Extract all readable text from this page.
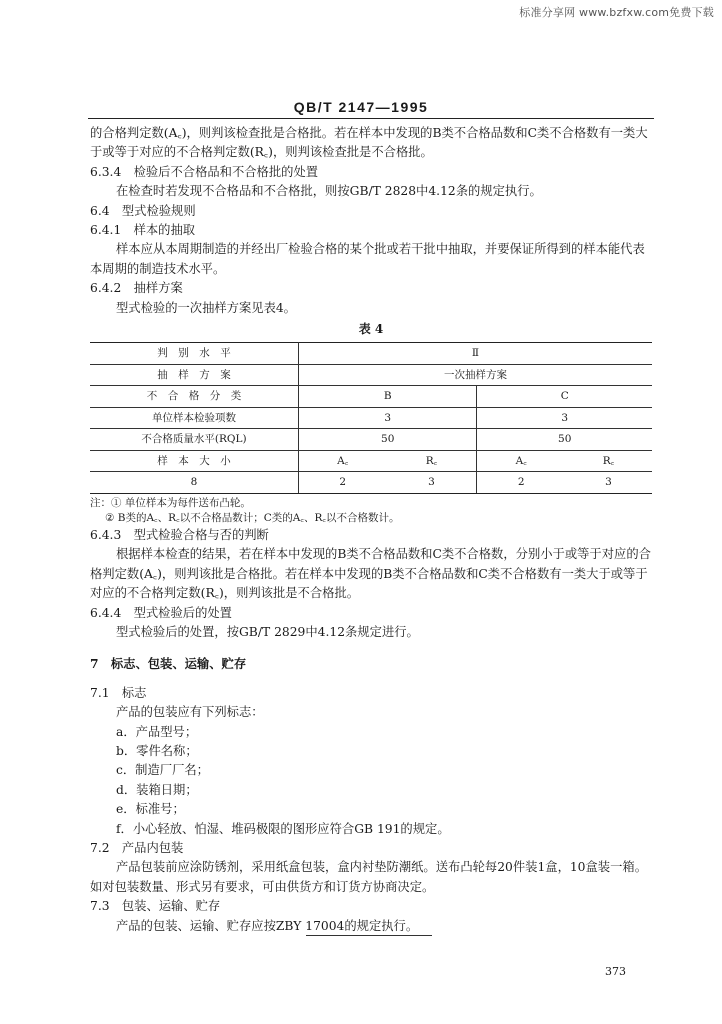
标准分享网 www.bzfxw.com免费下载
QB/T 2147—1995

的合格判定数(A꜀)，则判该检查批是合格批。若在样本中发现的B类不合格品数和C类不合格数有一类大于或等于对应的不合格判定数(R꜀)，则判该检查批是不合格批。

6.3.4　检验后不合格品和不合格批的处置

在检查时若发现不合格品和不合格批，则按GB/T 2828中4.12条的规定执行。

6.4　型式检验规则

6.4.1　样本的抽取

样本应从本周期制造的并经出厂检验合格的某个批或若干批中抽取，并要保证所得到的样本能代表本周期的制造技术水平。

6.4.2　抽样方案

型式检验的一次抽样方案见表4。

表 4
判　别　水　平	Ⅱ			
抽　样　方　案	一次抽样方案			
不　合　格　分　类	B		C	
单位样本检验项数	3		3	
不合格质量水平(RQL)	50		50	
样　本　大　小	A꜀	R꜀	A꜀	R꜀
8	2	3	2	3
注：① 单位样本为每件送布凸轮。
② B类的A꜀、R꜀以不合格品数计；C类的A꜀、R꜀以不合格数计。

6.4.3　型式检验合格与否的判断

根据样本检查的结果，若在样本中发现的B类不合格品数和C类不合格数，分别小于或等于对应的合格判定数(A꜀)，则判该批是合格批。若在样本中发现的B类不合格品数和C类不合格数有一类大于或等于对应的不合格判定数(R꜀)，则判该批是不合格批。

6.4.4　型式检验后的处置

型式检验后的处置，按GB/T 2829中4.12条规定进行。

7　标志、包装、运输、贮存

7.1　标志

产品的包装应有下列标志：

a．产品型号；

b．零件名称；

c．制造厂厂名；

d．装箱日期；

e．标准号；

f．小心轻放、怕湿、堆码极限的图形应符合GB 191的规定。

7.2　产品内包装

产品包装前应涂防锈剂，采用纸盒包装，盒内衬垫防潮纸。送布凸轮每20件装1盒，10盒装一箱。如对包装数量、形式另有要求，可由供货方和订货方协商决定。

7.3　包装、运输、贮存

产品的包装、运输、贮存应按ZBY 17004的规定执行。

373
